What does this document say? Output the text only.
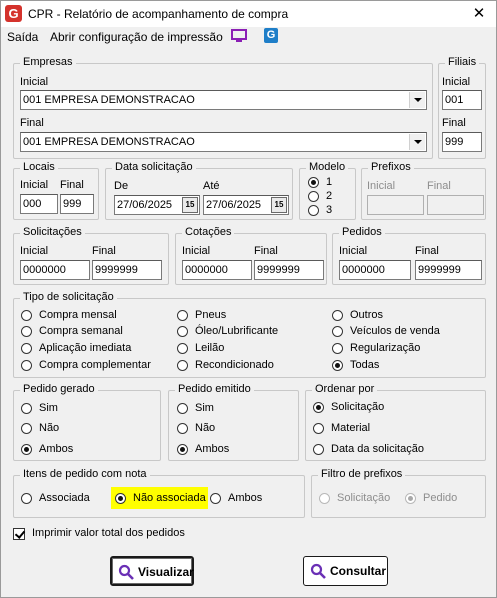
G CPR - Relatório de acompanhamento de compra	✕
Saída Abrir configuração de impressão	G
Empresas
Inicial
001 EMPRESA DEMONSTRACAO
Final
001 EMPRESA DEMONSTRACAO
Filiais
Inicial
001
Final
999
Locais
Inicial Final
000	999
Data solicitação
De	Até
27/06/2025	15	27/06/2025	15
Modelo
1
2
3
Prefixos
Inicial	Final
Solicitações
Inicial	Final
0000000	9999999
Cotações
Inicial	Final
0000000	9999999
Pedidos
Inicial	Final
0000000	9999999
Tipo de solicitação
Compra mensal
Compra semanal
Aplicação imediata
Compra complementar
Pneus
Óleo/Lubrificante
Leilão
Recondicionado
Outros
Veículos de venda
Regularização
Todas
Pedido gerado
Sim
Não
Ambos
Pedido emitido
Sim
Não
Ambos
Ordenar por
Solicitação
Material
Data da solicitação
Itens de pedido com nota
Associada	Não associada Ambos
Filtro de prefixos
Solicitação	Pedido
Imprimir valor total dos pedidos
Visualizar	Consultar
